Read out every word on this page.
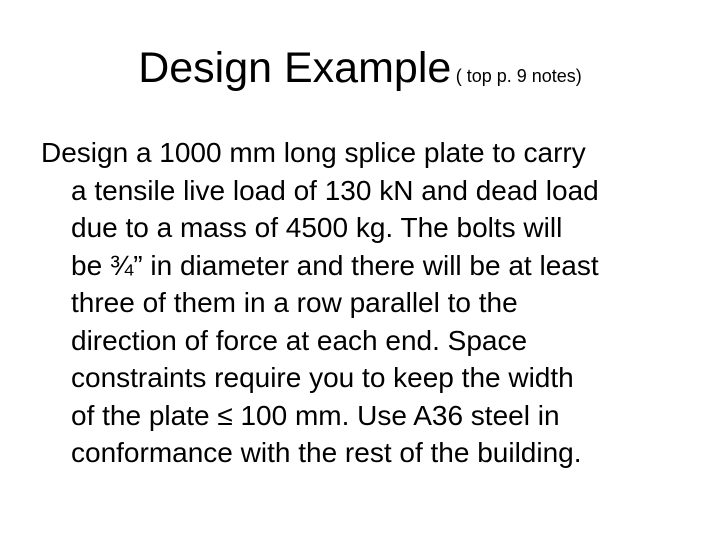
Design Example ( top p. 9 notes)

Design a 1000 mm long splice plate to carry
a tensile live load of 130 kN and dead load
due to a mass of 4500 kg. The bolts will
be ¾” in diameter and there will be at least
three of them in a row parallel to the
direction of force at each end. Space
constraints require you to keep the width
of the plate ≤ 100 mm. Use A36 steel in
conformance with the rest of the building.
